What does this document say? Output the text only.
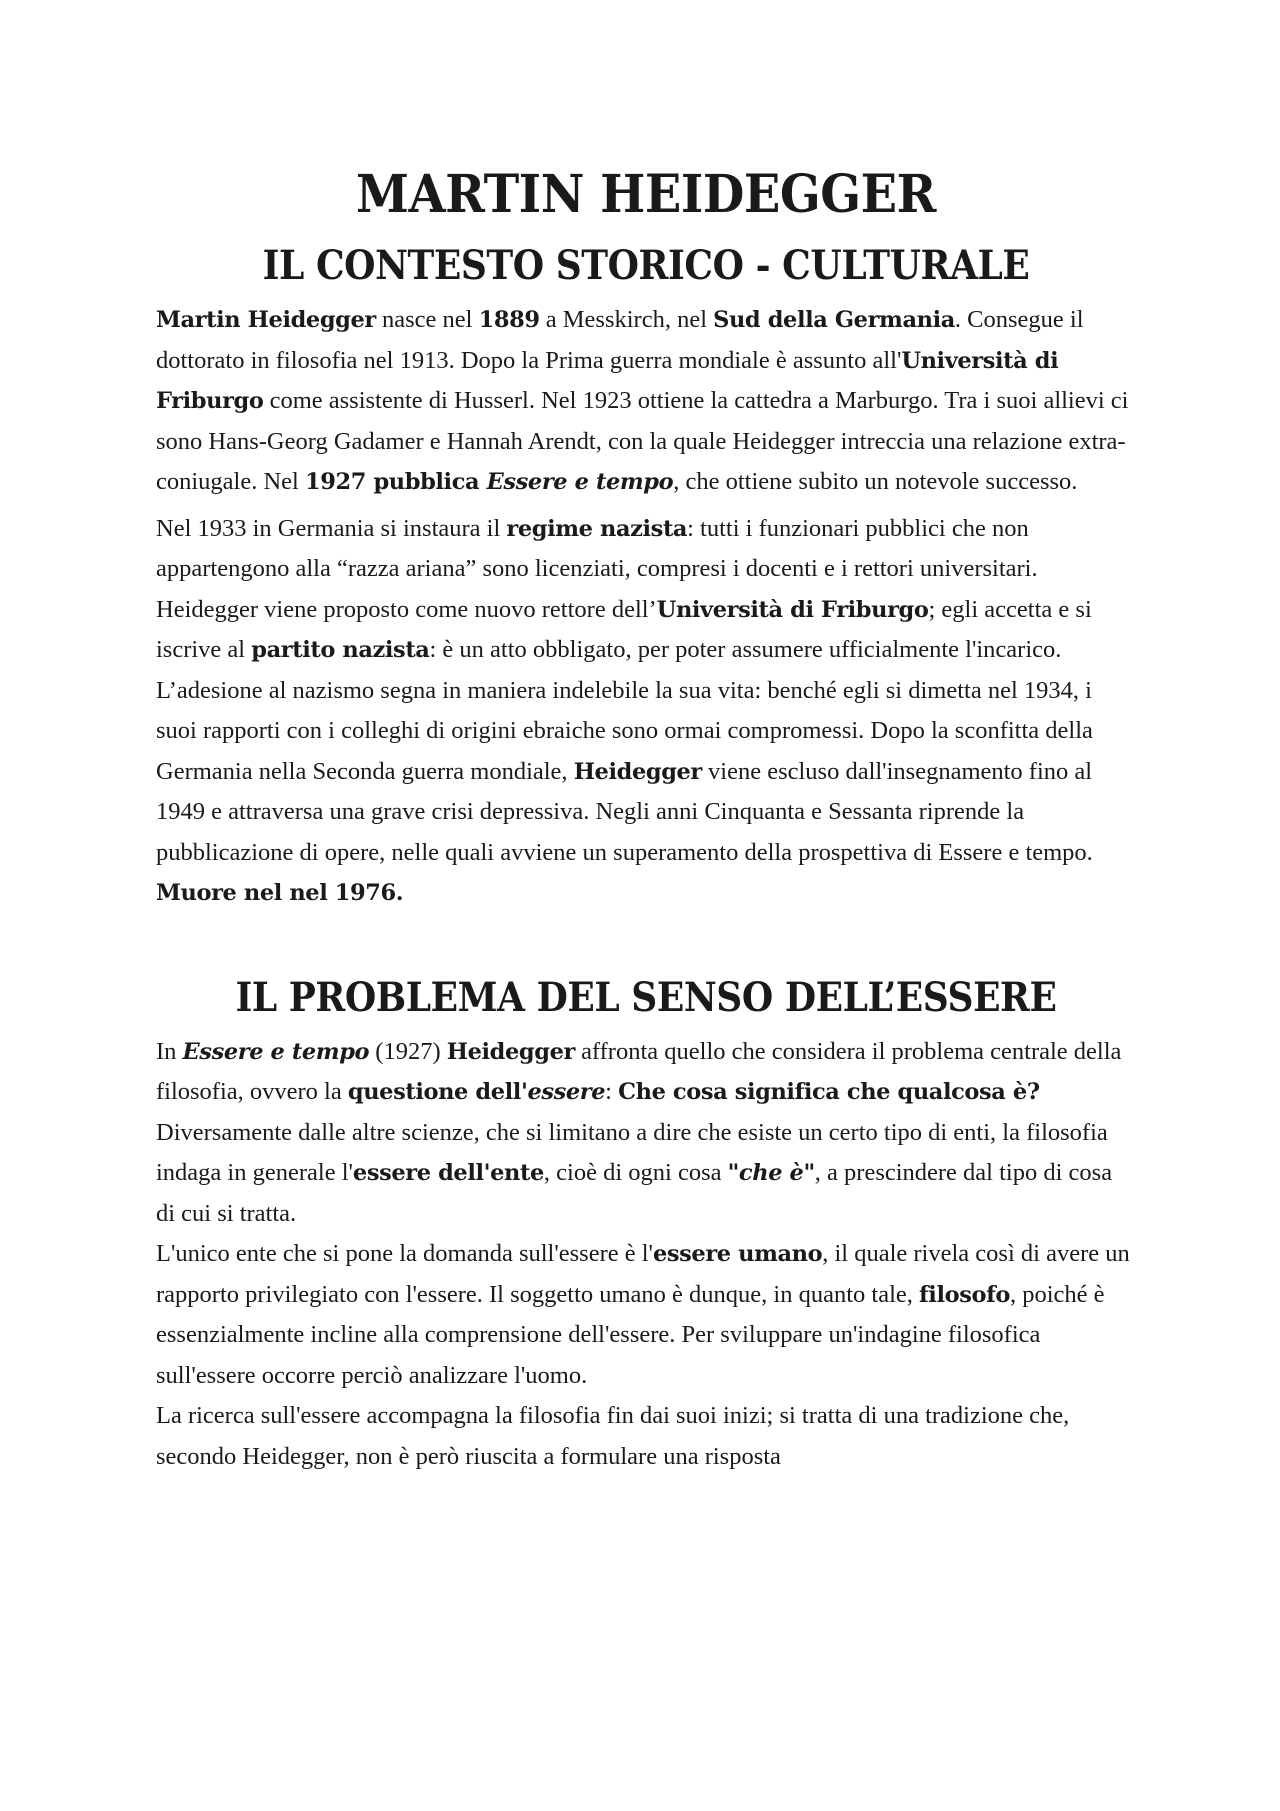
MARTIN HEIDEGGER
IL CONTESTO STORICO - CULTURALE

Martin Heidegger nasce nel 1889 a Messkirch, nel Sud della Germania. Consegue il dottorato in filosofia nel 1913. Dopo la Prima guerra mondiale è assunto all'Università di Friburgo come assistente di Husserl. Nel 1923 ottiene la cattedra a Marburgo. Tra i suoi allievi ci sono Hans-Georg Gadamer e Hannah Arendt, con la quale Heidegger intreccia una relazione extra-coniugale. Nel 1927 pubblica Essere e tempo, che ottiene subito un notevole successo.

Nel 1933 in Germania si instaura il regime nazista: tutti i funzionari pubblici che non appartengono alla “razza ariana” sono licenziati, compresi i docenti e i rettori universitari. Heidegger viene proposto come nuovo rettore dell’Università di Friburgo; egli accetta e si iscrive al partito nazista: è un atto obbligato, per poter assumere ufficialmente l'incarico. L’adesione al nazismo segna in maniera indelebile la sua vita: benché egli si dimetta nel 1934, i suoi rapporti con i colleghi di origini ebraiche sono ormai compromessi. Dopo la sconfitta della Germania nella Seconda guerra mondiale, Heidegger viene escluso dall'insegnamento fino al 1949 e attraversa una grave crisi depressiva. Negli anni Cinquanta e Sessanta riprende la pubblicazione di opere, nelle quali avviene un superamento della prospettiva di Essere e tempo. Muore nel nel 1976.

IL PROBLEMA DEL SENSO DELL’ESSERE

In Essere e tempo (1927) Heidegger affronta quello che considera il problema centrale della filosofia, ovvero la questione dell'essere: Che cosa significa che qualcosa è?

Diversamente dalle altre scienze, che si limitano a dire che esiste un certo tipo di enti, la filosofia indaga in generale l'essere dell'ente, cioè di ogni cosa "che è", a prescindere dal tipo di cosa di cui si tratta.

L'unico ente che si pone la domanda sull'essere è l'essere umano, il quale rivela così di avere un rapporto privilegiato con l'essere. Il soggetto umano è dunque, in quanto tale, filosofo, poiché è essenzialmente incline alla comprensione dell'essere. Per sviluppare un'indagine filosofica sull'essere occorre perciò analizzare l'uomo.

La ricerca sull'essere accompagna la filosofia fin dai suoi inizi; si tratta di una tradizione che, secondo Heidegger, non è però riuscita a formulare una risposta
